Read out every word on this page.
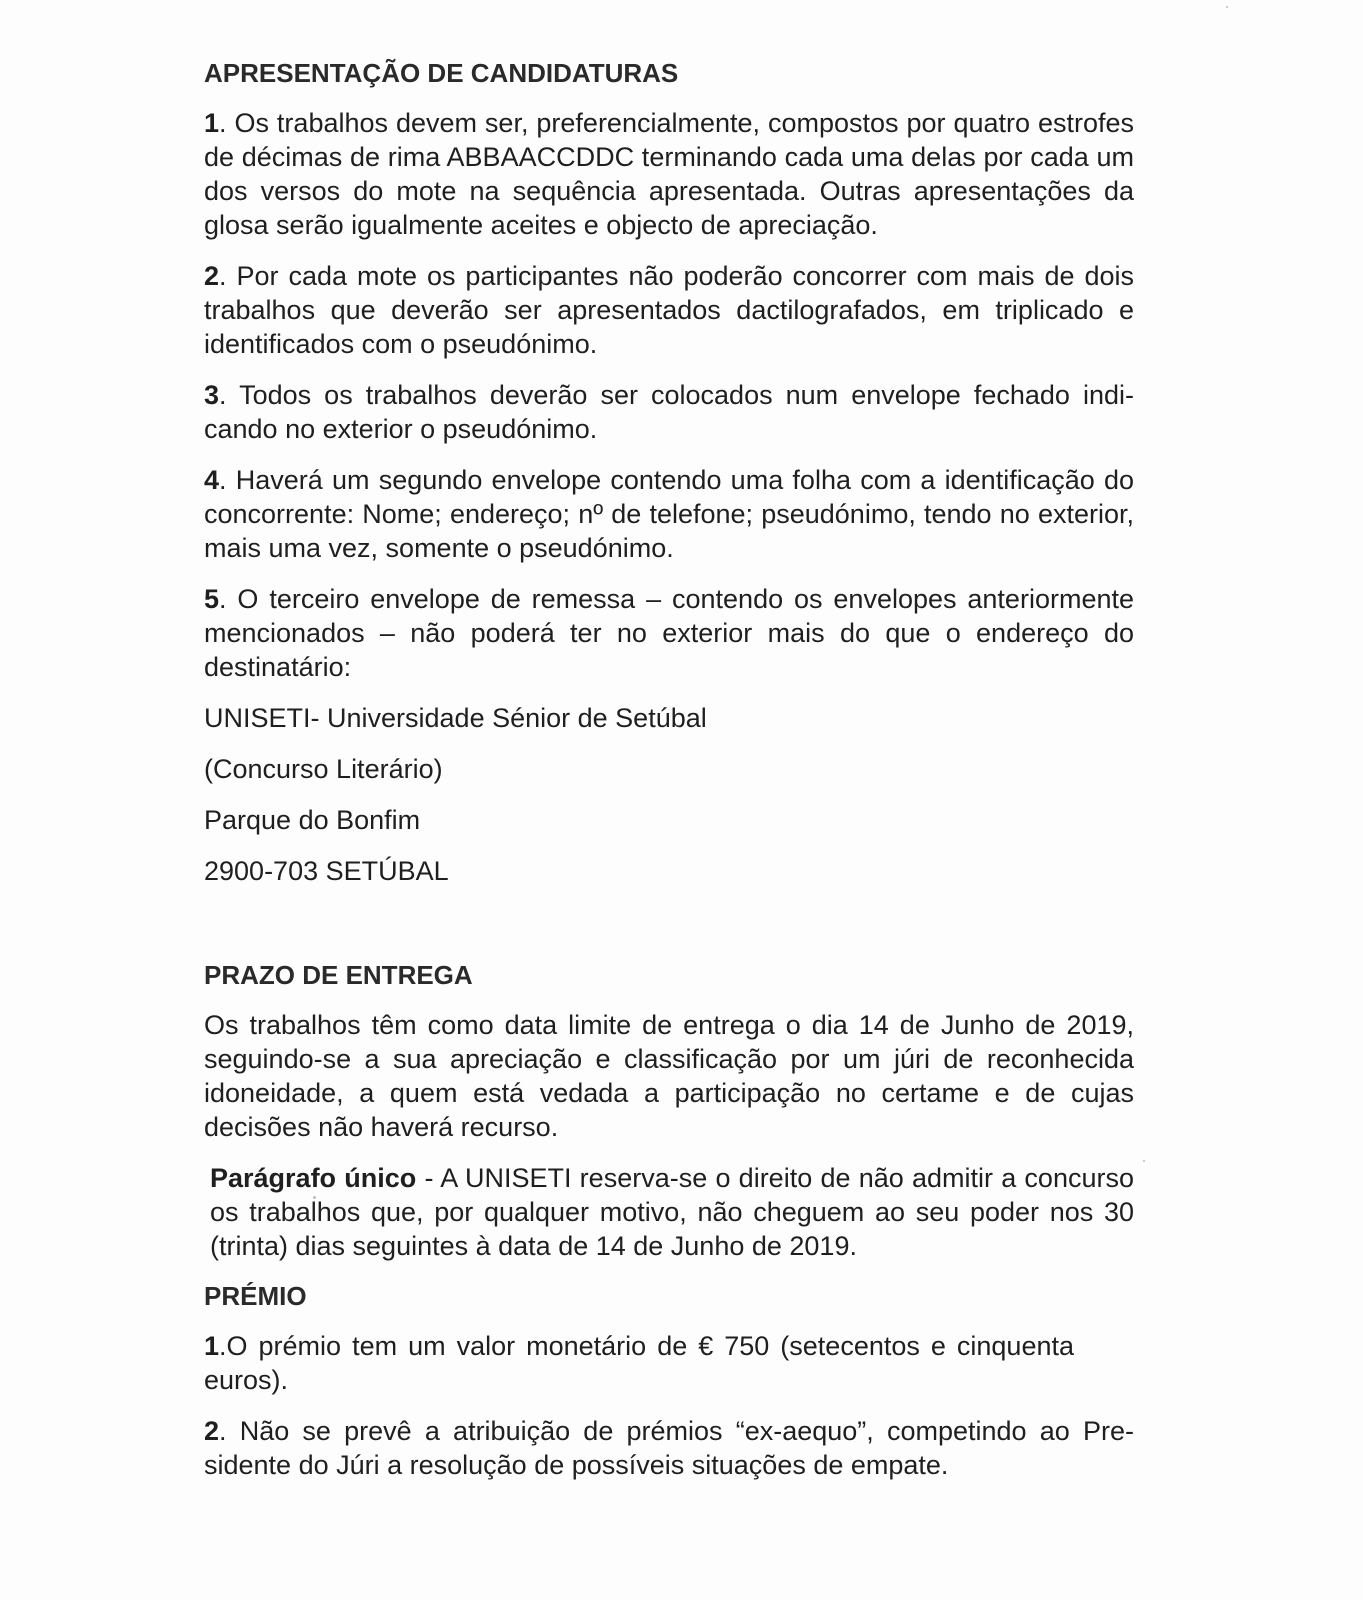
APRESENTAÇÃO DE CANDIDATURAS

1. Os trabalhos devem ser, preferencialmente, compostos por quatro estrofes de décimas de rima ABBAACCDDC terminando cada uma delas por cada um dos versos do mote na sequência apresentada. Outras apresentações da glosa serão igualmente aceites e objecto de apreciação.

2. Por cada mote os participantes não poderão concorrer com mais de dois trabalhos que deverão ser apresentados dactilografados, em triplicado e identificados com o pseudónimo.

3. Todos os trabalhos deverão ser colocados num envelope fechado indicando no exterior o pseudónimo.

4. Haverá um segundo envelope contendo uma folha com a identificação do concorrente: Nome; endereço; nº de telefone; pseudónimo, tendo no exterior, mais uma vez, somente o pseudónimo.

5. O terceiro envelope de remessa – contendo os envelopes anteriormente mencionados – não poderá ter no exterior mais do que o endereço do destinatário:

UNISETI- Universidade Sénior de Setúbal

(Concurso Literário)

Parque do Bonfim

2900-703 SETÚBAL

PRAZO DE ENTREGA

Os trabalhos têm como data limite de entrega o dia 14 de Junho de 2019, seguindo-se a sua apreciação e classificação por um júri de reconhecida idoneidade, a quem está vedada a participação no certame e de cujas decisões não haverá recurso.

Parágrafo único - A UNISETI reserva-se o direito de não admitir a concurso os trabalhos que, por qualquer motivo, não cheguem ao seu poder nos 30 (trinta) dias seguintes à data de 14 de Junho de 2019.

PRÉMIO

1.O prémio tem um valor monetário de € 750 (setecentos e cinquenta euros).

2. Não se prevê a atribuição de prémios “ex-aequo”, competindo ao Presidente do Júri a resolução de possíveis situações de empate.
